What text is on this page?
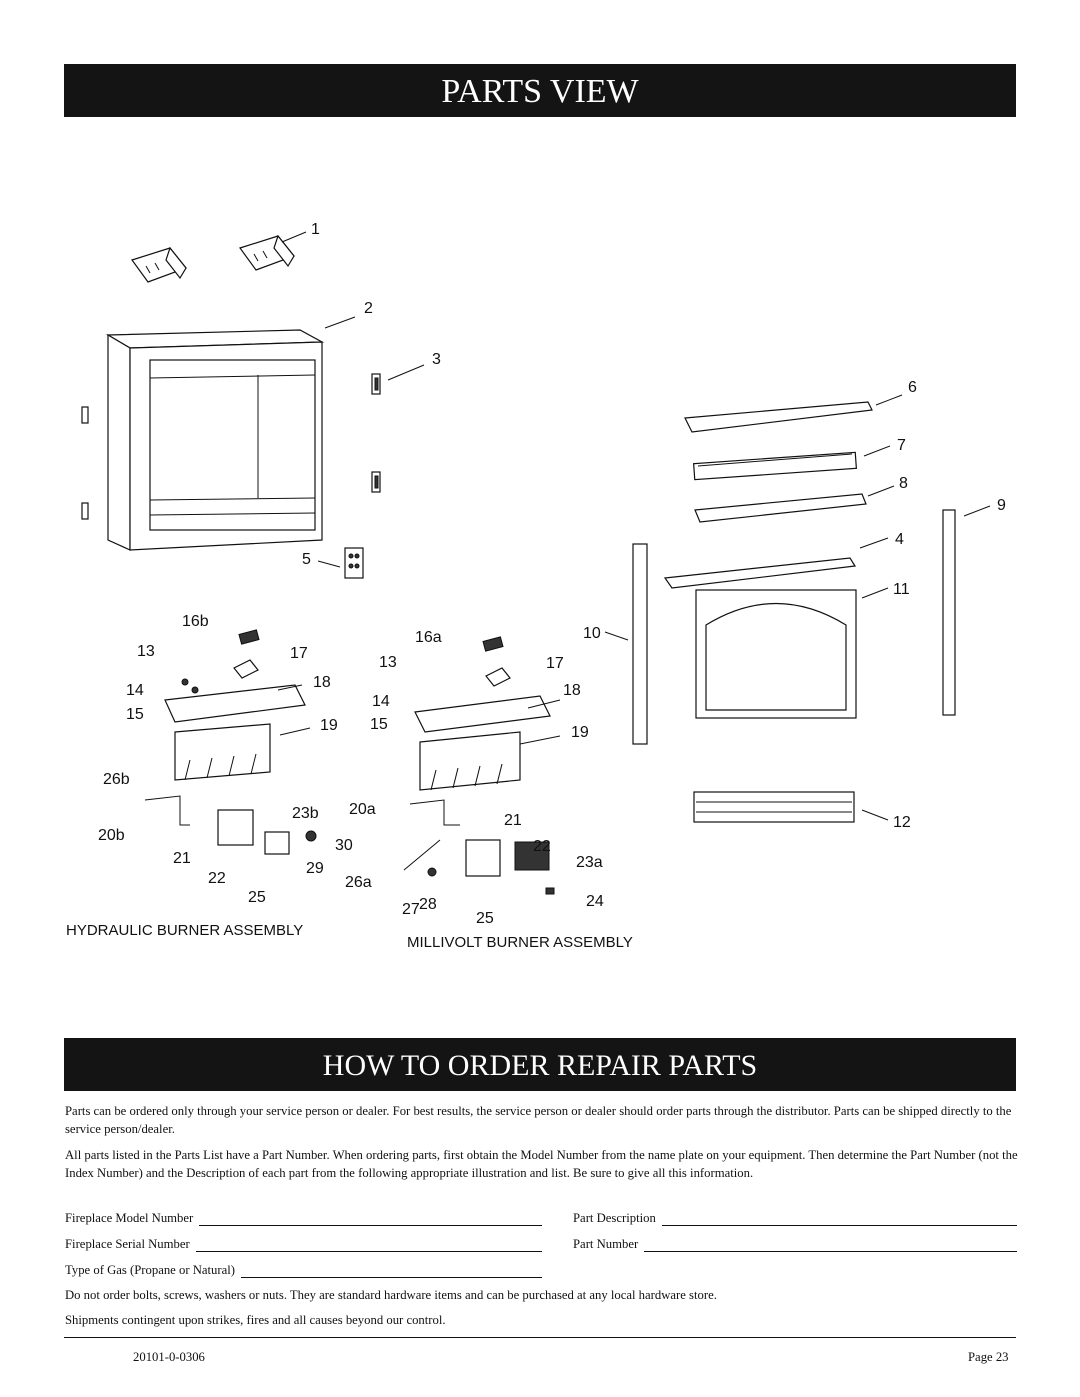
PARTS VIEW
1
2
3
5
6
7
8
9
4
11
10
12
16b
13	17
14	18
15
19
26b
23b
20b
30
21
29
22
25
16a
13	17
14
18
15	19
20a
21
22
23a
26a
27 28
25
24
HYDRAULIC BURNER ASSEMBLY
MILLIVOLT BURNER ASSEMBLY
HOW TO ORDER REPAIR PARTS
Parts can be ordered only through your service person or dealer. For best results, the service person or dealer should order parts through the distributor. Parts can be shipped directly to the service person/dealer.
All parts listed in the Parts List have a Part Number. When ordering parts, first obtain the Model Number from the name plate on your equipment. Then determine the Part Number (not the Index Number) and the Description of each part from the following appropriate illustration and list. Be sure to give all this information.
Fireplace Model Number	Part Description
Fireplace Serial Number	Part Number
Type of Gas (Propane or Natural)
Do not order bolts, screws, washers or nuts. They are standard hardware items and can be purchased at any local hardware store.
Shipments contingent upon strikes, fires and all causes beyond our control.
20101-0-0306	Page 23
